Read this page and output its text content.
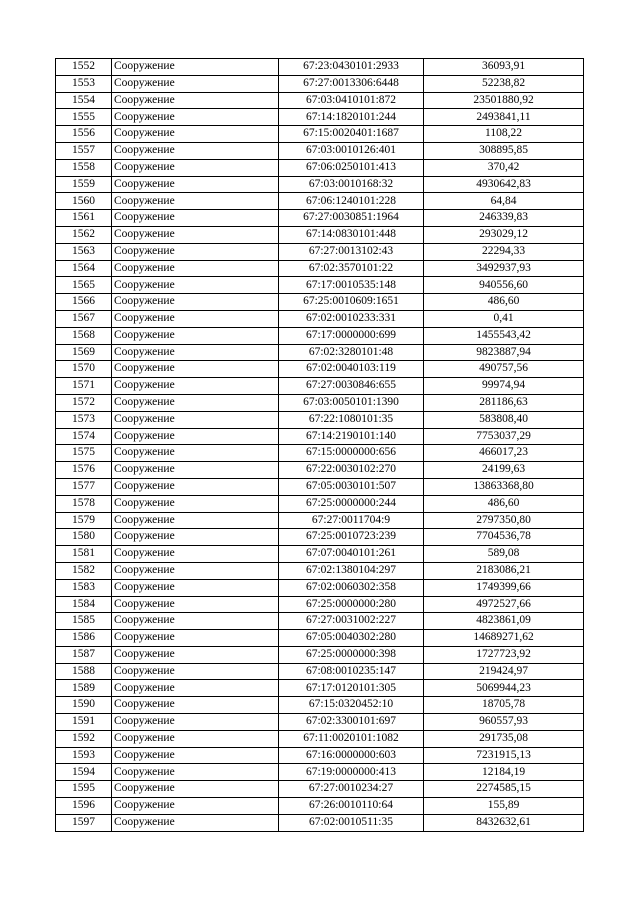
1552	Сооружение	67:23:0430101:2933	36093,91
1553	Сооружение	67:27:0013306:6448	52238,82
1554	Сооружение	67:03:0410101:872	23501880,92
1555	Сооружение	67:14:1820101:244	2493841,11
1556	Сооружение	67:15:0020401:1687	1108,22
1557	Сооружение	67:03:0010126:401	308895,85
1558	Сооружение	67:06:0250101:413	370,42
1559	Сооружение	67:03:0010168:32	4930642,83
1560	Сооружение	67:06:1240101:228	64,84
1561	Сооружение	67:27:0030851:1964	246339,83
1562	Сооружение	67:14:0830101:448	293029,12
1563	Сооружение	67:27:0013102:43	22294,33
1564	Сооружение	67:02:3570101:22	3492937,93
1565	Сооружение	67:17:0010535:148	940556,60
1566	Сооружение	67:25:0010609:1651	486,60
1567	Сооружение	67:02:0010233:331	0,41
1568	Сооружение	67:17:0000000:699	1455543,42
1569	Сооружение	67:02:3280101:48	9823887,94
1570	Сооружение	67:02:0040103:119	490757,56
1571	Сооружение	67:27:0030846:655	99974,94
1572	Сооружение	67:03:0050101:1390	281186,63
1573	Сооружение	67:22:1080101:35	583808,40
1574	Сооружение	67:14:2190101:140	7753037,29
1575	Сооружение	67:15:0000000:656	466017,23
1576	Сооружение	67:22:0030102:270	24199,63
1577	Сооружение	67:05:0030101:507	13863368,80
1578	Сооружение	67:25:0000000:244	486,60
1579	Сооружение	67:27:0011704:9	2797350,80
1580	Сооружение	67:25:0010723:239	7704536,78
1581	Сооружение	67:07:0040101:261	589,08
1582	Сооружение	67:02:1380104:297	2183086,21
1583	Сооружение	67:02:0060302:358	1749399,66
1584	Сооружение	67:25:0000000:280	4972527,66
1585	Сооружение	67:27:0031002:227	4823861,09
1586	Сооружение	67:05:0040302:280	14689271,62
1587	Сооружение	67:25:0000000:398	1727723,92
1588	Сооружение	67:08:0010235:147	219424,97
1589	Сооружение	67:17:0120101:305	5069944,23
1590	Сооружение	67:15:0320452:10	18705,78
1591	Сооружение	67:02:3300101:697	960557,93
1592	Сооружение	67:11:0020101:1082	291735,08
1593	Сооружение	67:16:0000000:603	7231915,13
1594	Сооружение	67:19:0000000:413	12184,19
1595	Сооружение	67:27:0010234:27	2274585,15
1596	Сооружение	67:26:0010110:64	155,89
1597	Сооружение	67:02:0010511:35	8432632,61
